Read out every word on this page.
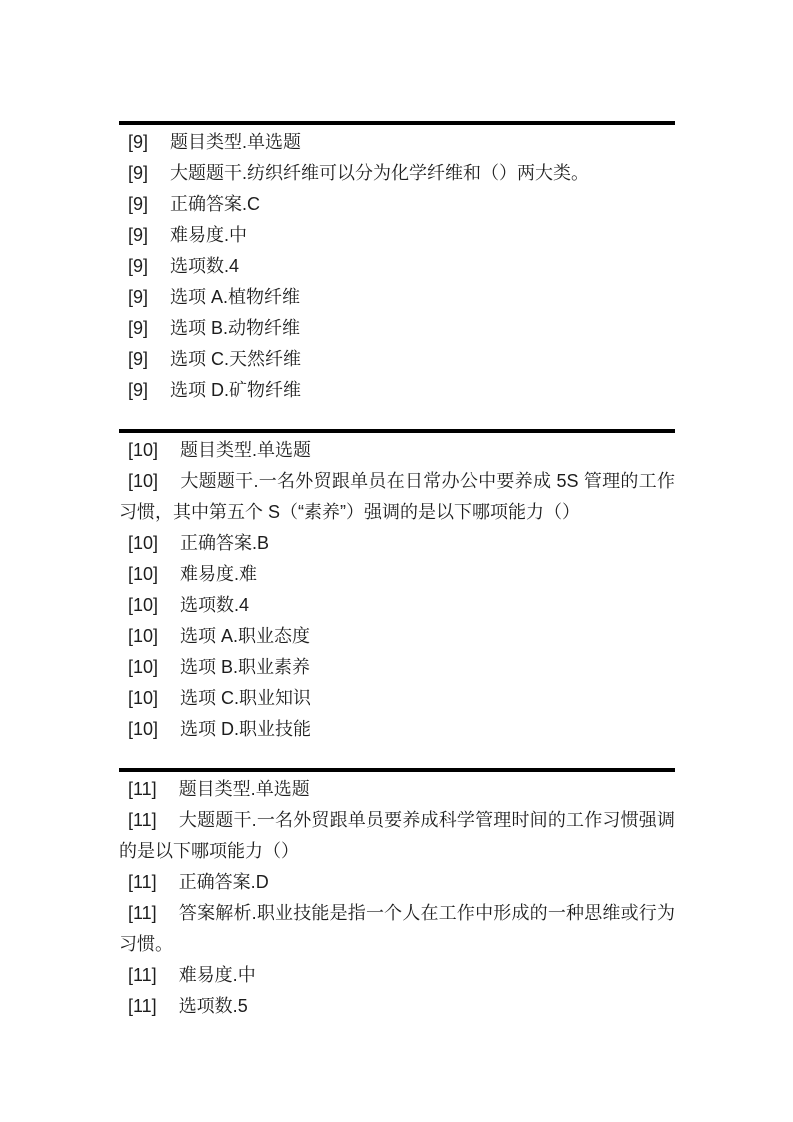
[9] 题目类型.单选题

[9] 大题题干.纺织纤维可以分为化学纤维和（）两大类。

[9] 正确答案.C

[9] 难易度.中

[9] 选项数.4

[9] 选项 A.植物纤维

[9] 选项 B.动物纤维

[9] 选项 C.天然纤维

[9] 选项 D.矿物纤维

[10] 题目类型.单选题

[10] 大题题干.一名外贸跟单员在日常办公中要养成 5S 管理的工作习惯，其中第五个 S（“素养”）强调的是以下哪项能力（）

[10] 正确答案.B

[10] 难易度.难

[10] 选项数.4

[10] 选项 A.职业态度

[10] 选项 B.职业素养

[10] 选项 C.职业知识

[10] 选项 D.职业技能

[11] 题目类型.单选题

[11] 大题题干.一名外贸跟单员要养成科学管理时间的工作习惯强调的是以下哪项能力（）

[11] 正确答案.D

[11] 答案解析.职业技能是指一个人在工作中形成的一种思维或行为习惯。

[11] 难易度.中

[11] 选项数.5
